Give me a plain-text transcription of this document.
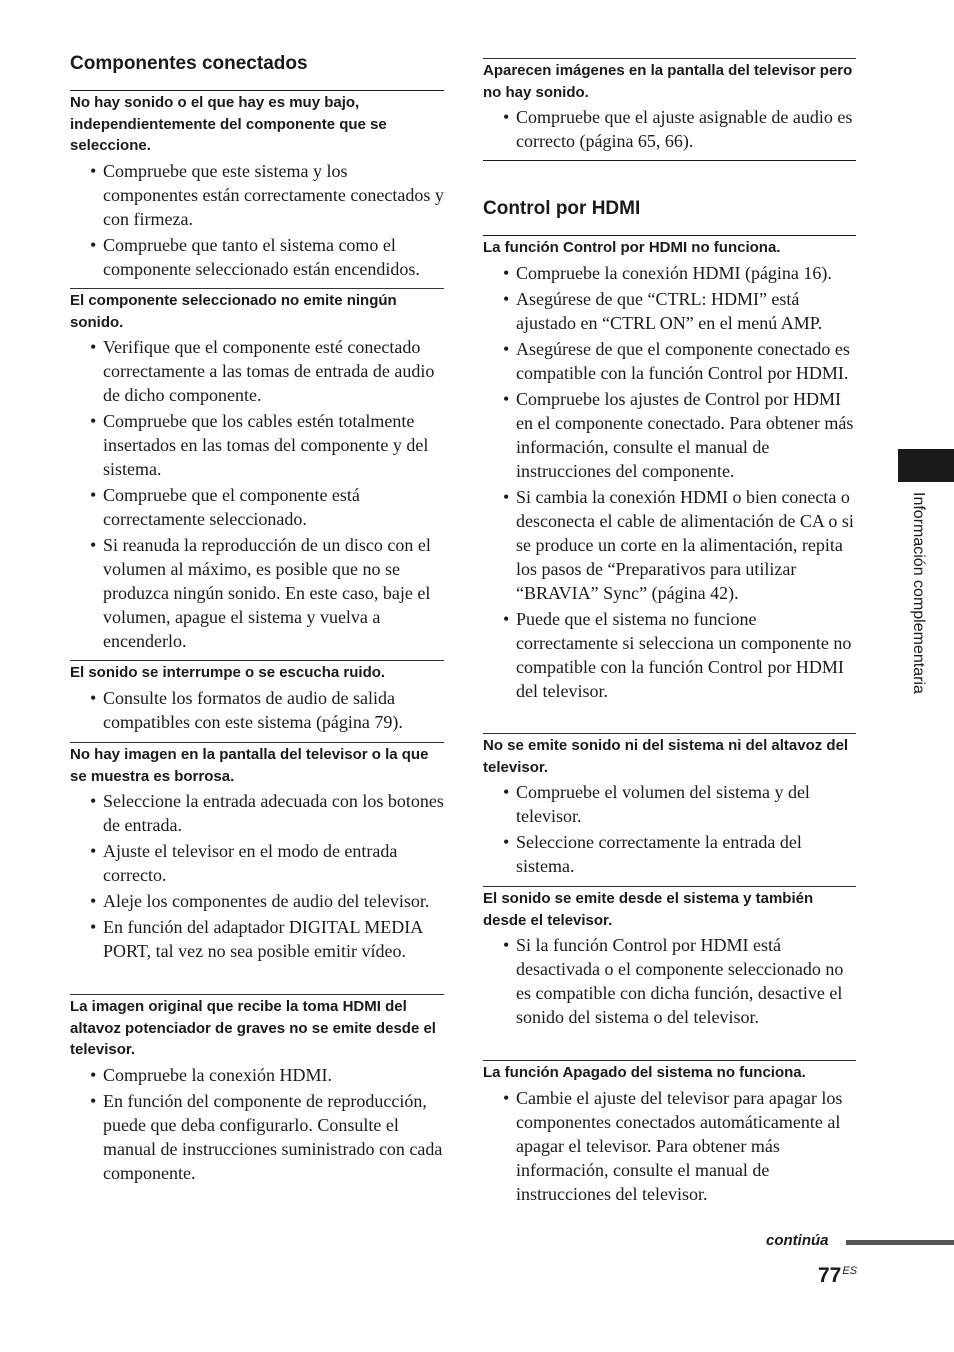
Componentes conectados

No hay sonido o el que hay es muy bajo, independientemente del componente que se seleccione.

• Compruebe que este sistema y los componentes están correctamente conectados y con firmeza.
• Compruebe que tanto el sistema como el componente seleccionado están encendidos.

El componente seleccionado no emite ningún sonido.

• Verifique que el componente esté conectado correctamente a las tomas de entrada de audio de dicho componente.
• Compruebe que los cables estén totalmente insertados en las tomas del componente y del sistema.
• Compruebe que el componente está correctamente seleccionado.
• Si reanuda la reproducción de un disco con el volumen al máximo, es posible que no se produzca ningún sonido. En este caso, baje el volumen, apague el sistema y vuelva a encenderlo.

El sonido se interrumpe o se escucha ruido.

• Consulte los formatos de audio de salida compatibles con este sistema (página 79).

No hay imagen en la pantalla del televisor o la que se muestra es borrosa.

• Seleccione la entrada adecuada con los botones de entrada.
• Ajuste el televisor en el modo de entrada correcto.
• Aleje los componentes de audio del televisor.
• En función del adaptador DIGITAL MEDIA PORT, tal vez no sea posible emitir vídeo.

La imagen original que recibe la toma HDMI del altavoz potenciador de graves no se emite desde el televisor.

• Compruebe la conexión HDMI.
• En función del componente de reproducción, puede que deba configurarlo. Consulte el manual de instrucciones suministrado con cada componente.

Aparecen imágenes en la pantalla del televisor pero no hay sonido.

• Compruebe que el ajuste asignable de audio es correcto (página 65, 66).
Control por HDMI

La función Control por HDMI no funciona.

• Compruebe la conexión HDMI (página 16).
• Asegúrese de que “CTRL: HDMI” está ajustado en “CTRL ON” en el menú AMP.
• Asegúrese de que el componente conectado es compatible con la función Control por HDMI.
• Compruebe los ajustes de Control por HDMI en el componente conectado. Para obtener más información, consulte el manual de instrucciones del componente.
• Si cambia la conexión HDMI o bien conecta o desconecta el cable de alimentación de CA o si se produce un corte en la alimentación, repita los pasos de “Preparativos para utilizar “BRAVIA” Sync” (página 42).
• Puede que el sistema no funcione correctamente si selecciona un componente no compatible con la función Control por HDMI del televisor.

No se emite sonido ni del sistema ni del altavoz del televisor.

• Compruebe el volumen del sistema y del televisor.
• Seleccione correctamente la entrada del sistema.

El sonido se emite desde el sistema y también desde el televisor.

• Si la función Control por HDMI está desactivada o el componente seleccionado no es compatible con dicha función, desactive el sonido del sistema o del televisor.

La función Apagado del sistema no funciona.

• Cambie el ajuste del televisor para apagar los componentes conectados automáticamente al apagar el televisor. Para obtener más información, consulte el manual de instrucciones del televisor.
Información complementaria
continúa
$77^{ES}$
